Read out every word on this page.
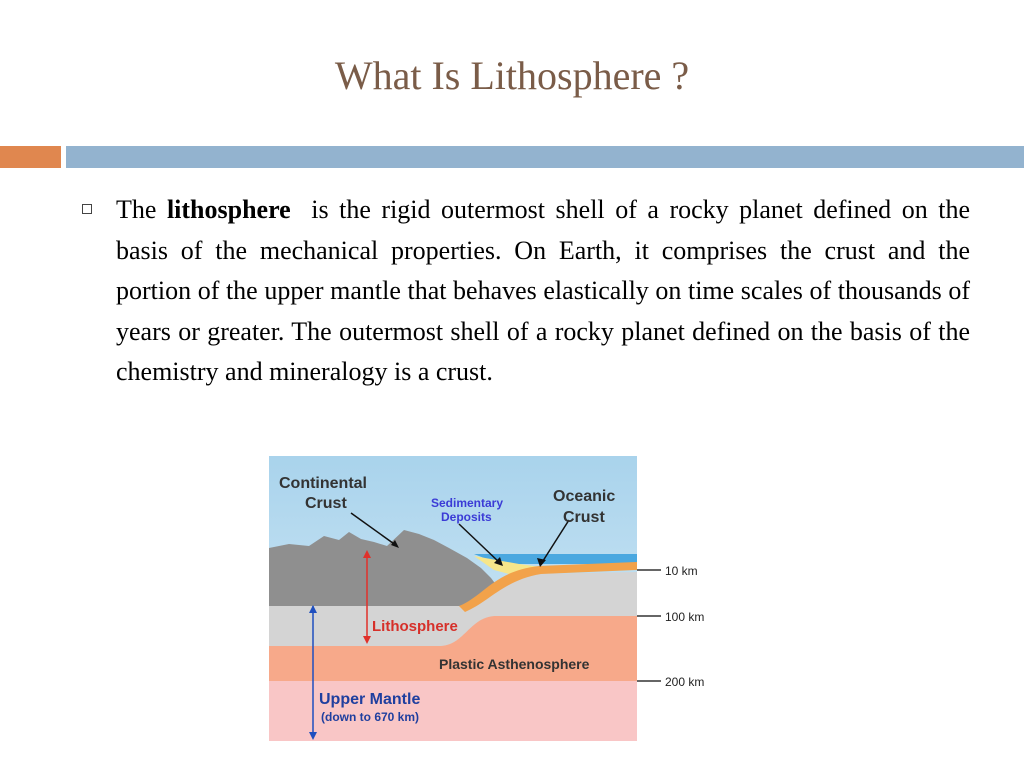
What Is Lithosphere ?
The lithosphere is the rigid outermost shell of a rocky planet defined on the basis of the mechanical properties. On Earth, it comprises the crust and the portion of the upper mantle that behaves elastically on time scales of thousands of years or greater. The outermost shell of a rocky planet defined on the basis of the chemistry and mineralogy is a crust.
10 km
100 km
200 km
Continental
Crust	Sedimentary
Deposits
Oceanic
Crust
Lithosphere
Plastic Asthenosphere
Upper Mantle
(down to 670 km)
